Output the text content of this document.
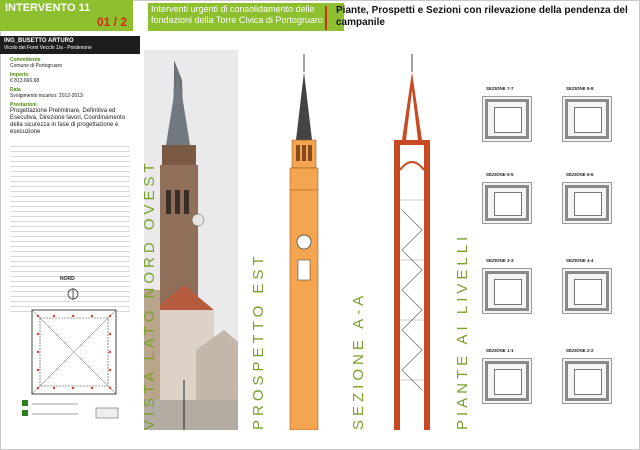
INTERVENTO 11
01 / 2
Interventi urgenti di consolidamento delle fondazioni della Torre Civica di Portogruaro
Piante, Prospetti e Sezioni con rilevazione della pendenza del campanile
ING_BUSETTO ARTURO
Vicolo dei Forni Vecchi 1/a - Pordenone
Committente
Comune di Portogruaro
Importo
€ 813.666,68
Data
Svolgimento incarico: 2012-2013
Prestazioni
Progettazione Preliminare, Definitiva ed Esecutiva, Direzione lavori, Coordinamento della sicurezza in fase di progettazione e esecuzione
NORD	VISTA LATO NORD OVEST	PROSPETTO EST	SEZIONE A-A	PIANTE AI LIVELLI
SEZIONE 7-7	SEZIONE 8-8
SEZIONE 5-5	SEZIONE 6-6
SEZIONE 3-3	SEZIONE 4-4
SEZIONE 1-1	SEZIONE 2-2
